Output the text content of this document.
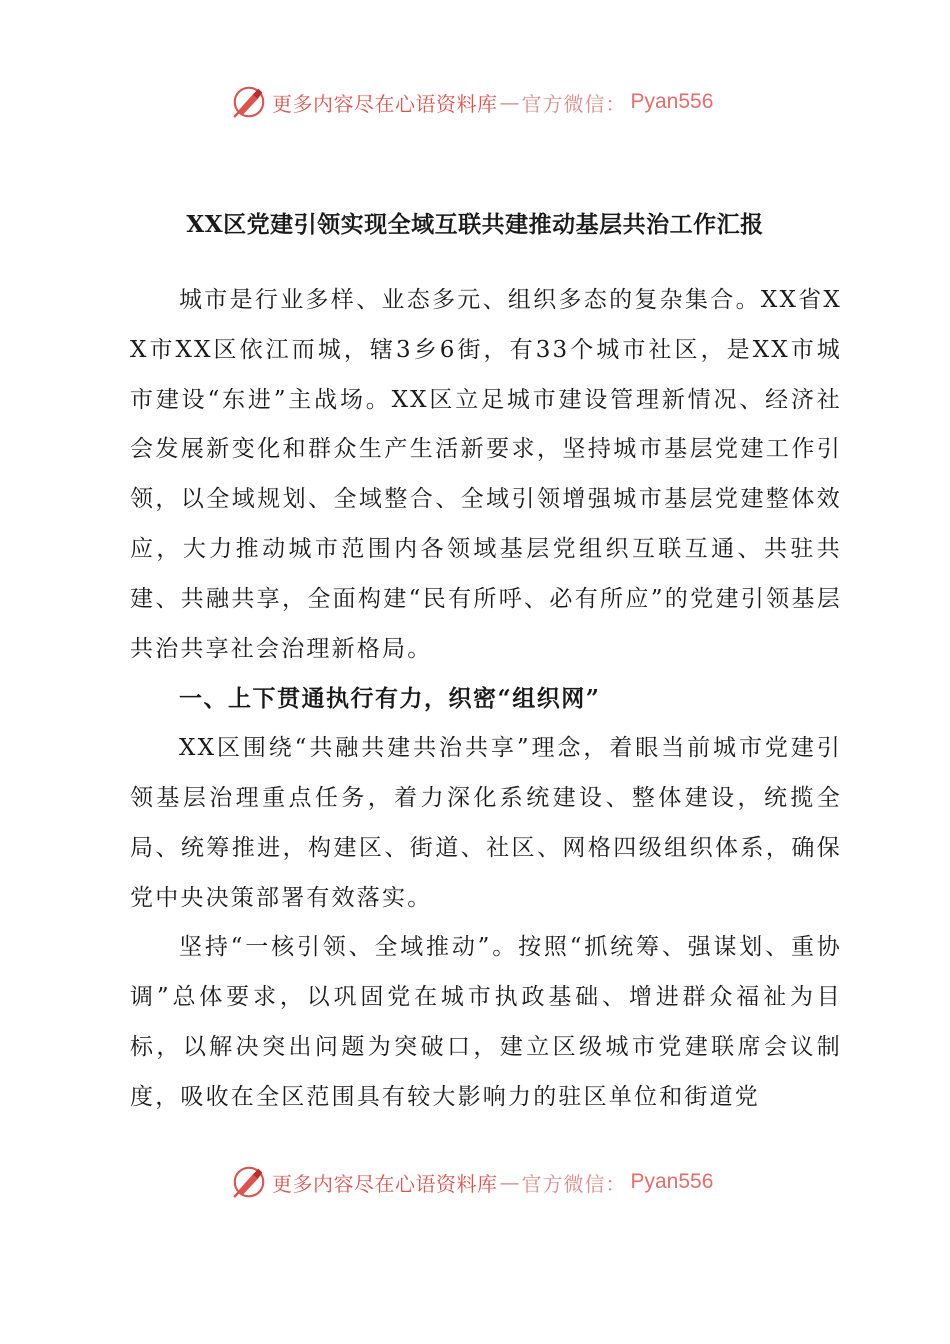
更多内容尽在心语资料库 — 官方微信： Pyan556
XX区党建引领实现全域互联共建推动基层共治工作汇报

城市是行业多样、业态多元、组织多态的复杂集合。XX省XX市XX区依江而城，辖3乡6街，有33个城市社区，是XX市城市建设“东进”主战场。XX区立足城市建设管理新情况、经济社会发展新变化和群众生产生活新要求，坚持城市基层党建工作引领，以全域规划、全域整合、全域引领增强城市基层党建整体效应，大力推动城市范围内各领域基层党组织互联互通、共驻共建、共融共享，全面构建“民有所呼、必有所应”的党建引领基层共治共享社会治理新格局。

一、上下贯通执行有力，织密“组织网”

XX区围绕“共融共建共治共享”理念，着眼当前城市党建引领基层治理重点任务，着力深化系统建设、整体建设，统揽全局、统筹推进，构建区、街道、社区、网格四级组织体系，确保党中央决策部署有效落实。

坚持“一核引领、全域推动”。按照“抓统筹、强谋划、重协调”总体要求，以巩固党在城市执政基础、增进群众福祉为目标，以解决突出问题为突破口，建立区级城市党建联席会议制度，吸收在全区范围具有较大影响力的驻区单位和街道党

更多内容尽在心语资料库 — 官方微信： Pyan556
